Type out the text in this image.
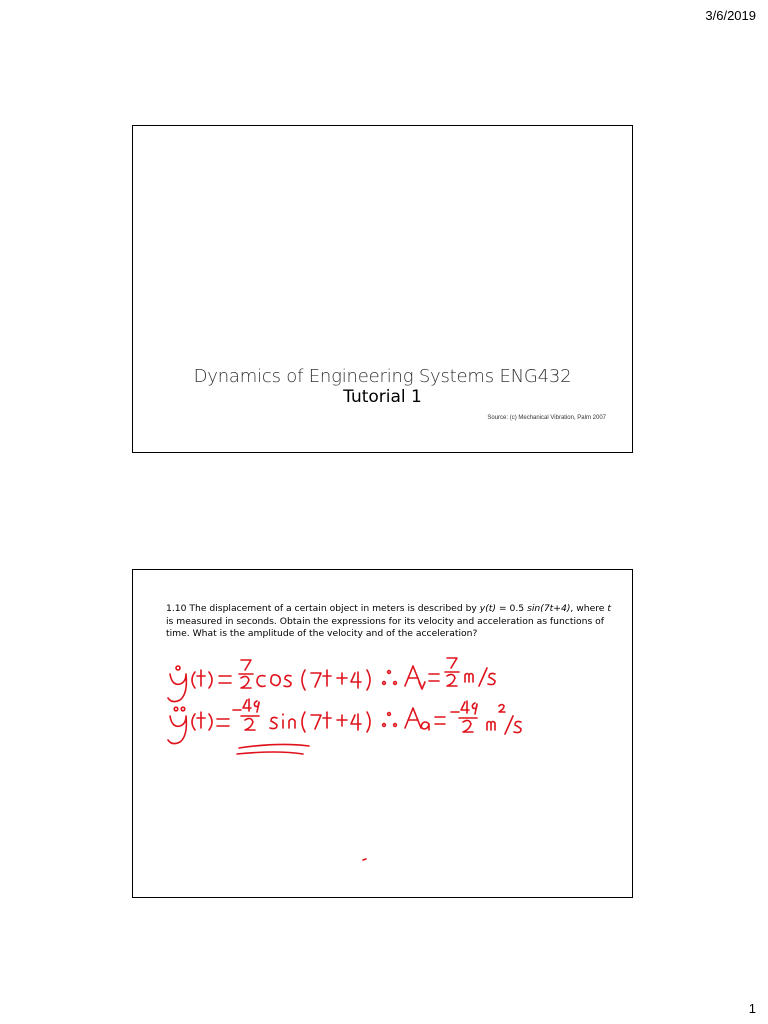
3/6/2019
Dynamics of Engineering Systems ENG432
Tutorial 1
Source: (c) Mechanical Vibration, Palm 2007
1.10 The displacement of a certain object in meters is described by y(t) = 0.5 sin(7t+4), where t is measured in seconds. Obtain the expressions for its velocity and acceleration as functions of time. What is the amplitude of the velocity and of the acceleration?
1
